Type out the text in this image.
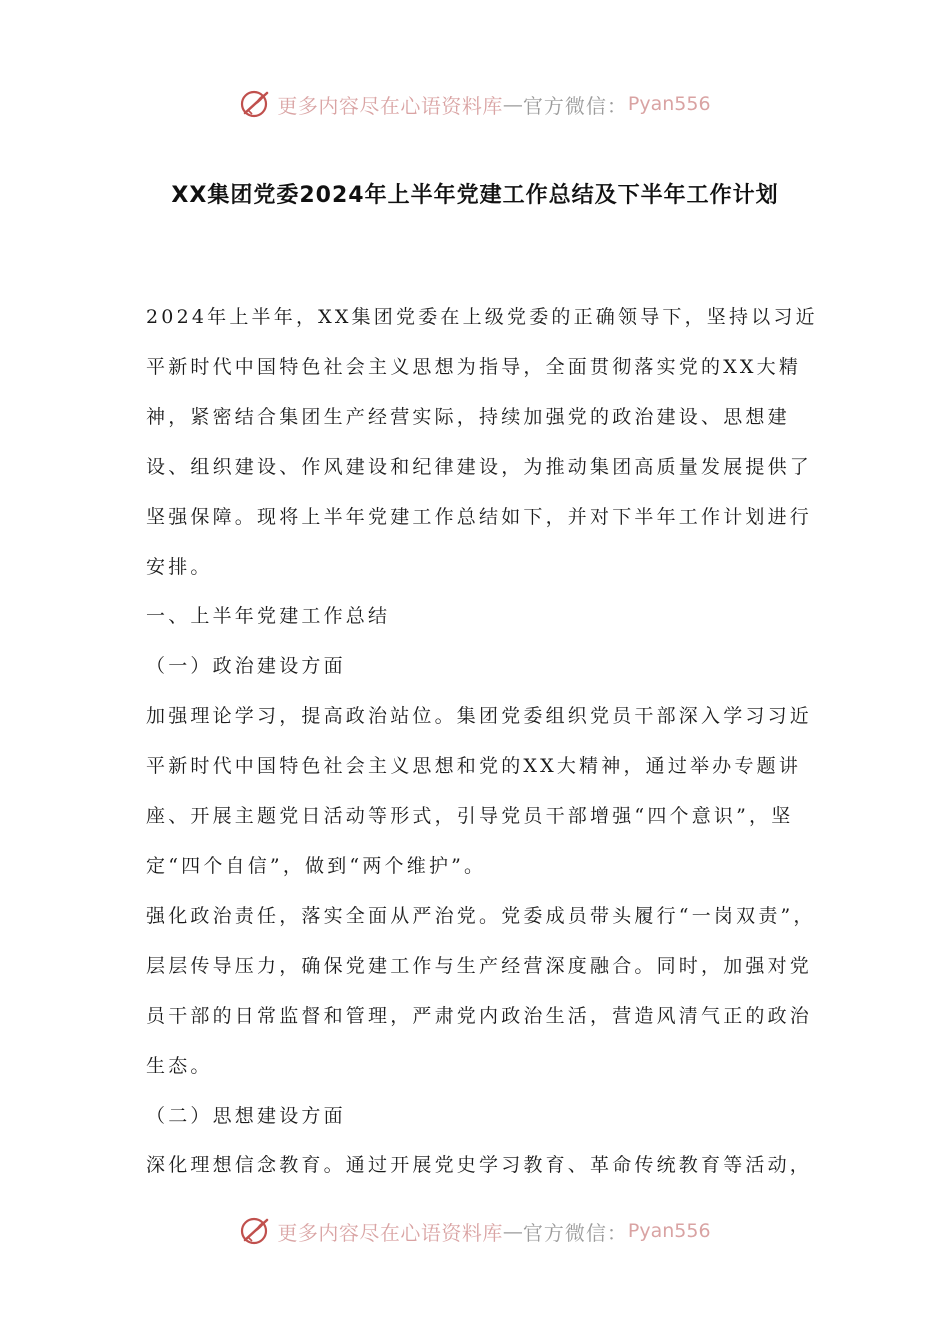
更多内容尽在心语资料库 — 官方微信： Pyan556
XX集团党委2024年上半年党建工作总结及下半年工作计划

2024年上半年，XX集团党委在上级党委的正确领导下，坚持以习近平新时代中国特色社会主义思想为指导，全面贯彻落实党的XX大精神，紧密结合集团生产经营实际，持续加强党的政治建设、思想建设、组织建设、作风建设和纪律建设，为推动集团高质量发展提供了坚强保障。现将上半年党建工作总结如下，并对下半年工作计划进行安排。

一、上半年党建工作总结

（一）政治建设方面

加强理论学习，提高政治站位。集团党委组织党员干部深入学习习近平新时代中国特色社会主义思想和党的XX大精神，通过举办专题讲座、开展主题党日活动等形式，引导党员干部增强“四个意识”，坚定“四个自信”，做到“两个维护”。

强化政治责任，落实全面从严治党。党委成员带头履行“一岗双责”，层层传导压力，确保党建工作与生产经营深度融合。同时，加强对党员干部的日常监督和管理，严肃党内政治生活，营造风清气正的政治生态。

（二）思想建设方面

深化理想信念教育。通过开展党史学习教育、革命传统教育等活动，

更多内容尽在心语资料库 — 官方微信： Pyan556
